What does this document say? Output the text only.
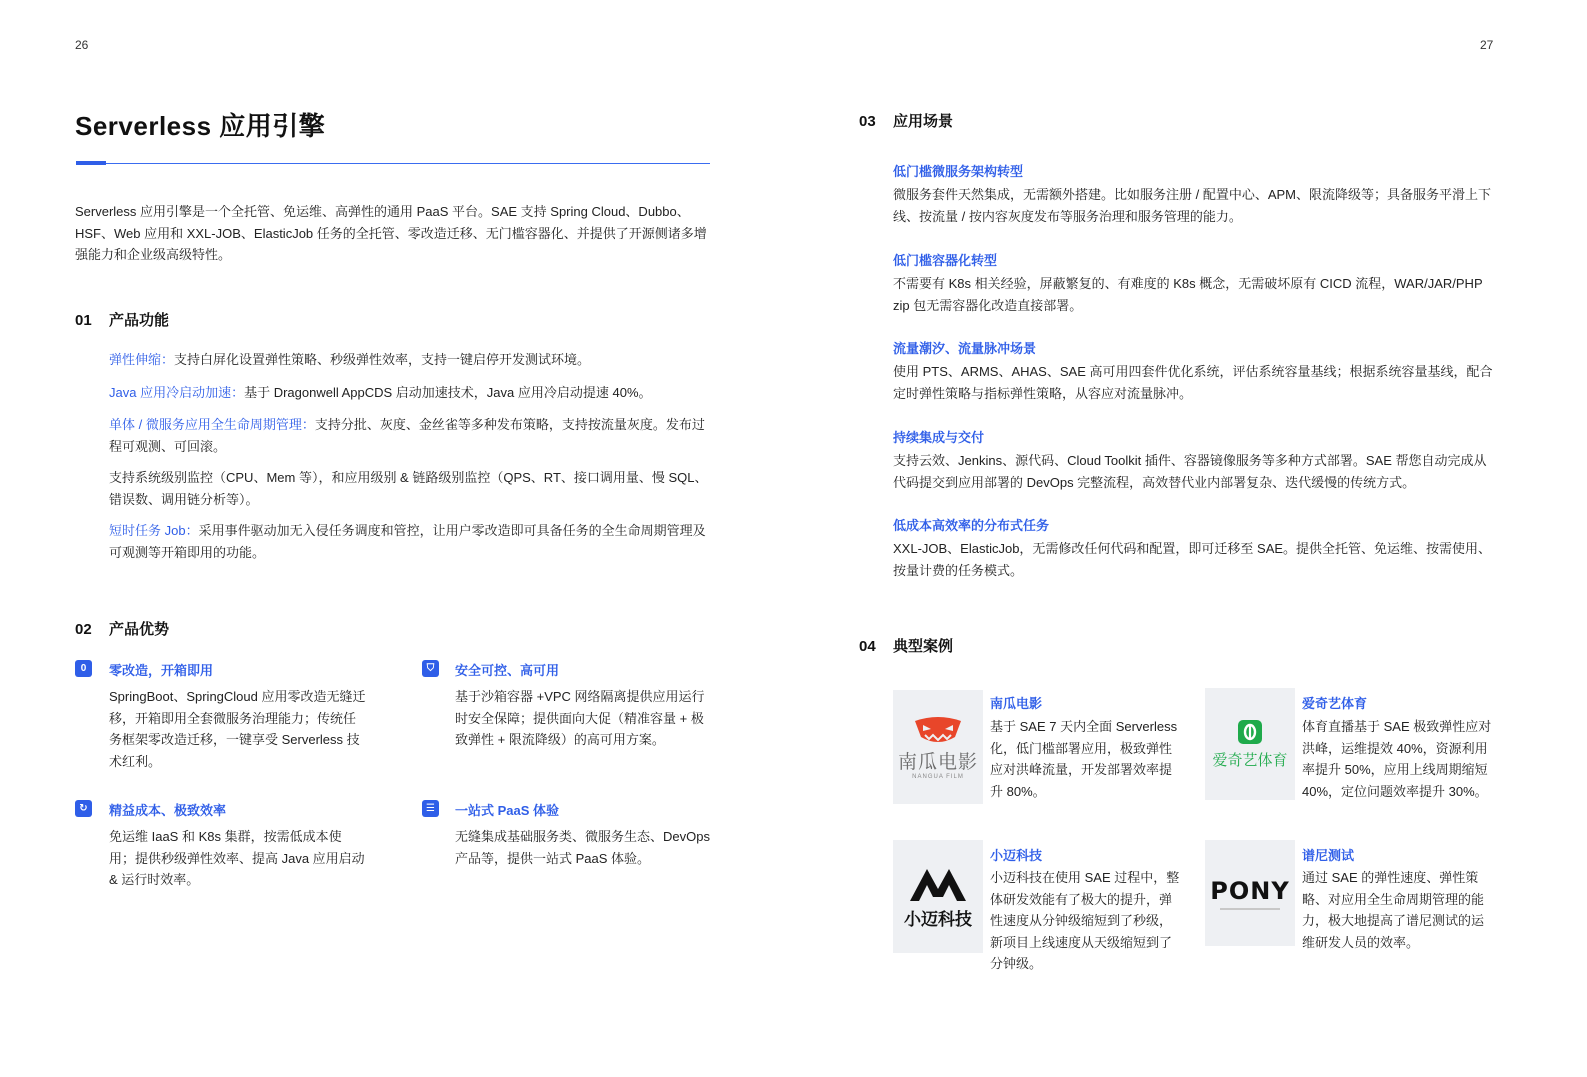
26	27
Serverless 应用引擎
Serverless 应用引擎是一个全托管、免运维、高弹性的通用 PaaS 平台。SAE 支持 Spring Cloud、Dubbo、HSF、Web 应用和 XXL-JOB、ElasticJob 任务的全托管、零改造迁移、无门槛容器化、并提供了开源侧诸多增强能力和企业级高级特性。
01 产品功能
弹性伸缩：支持白屏化设置弹性策略、秒级弹性效率，支持一键启停开发测试环境。
Java 应用冷启动加速：基于 Dragonwell AppCDS 启动加速技术，Java 应用冷启动提速 40%。
单体 / 微服务应用全生命周期管理：支持分批、灰度、金丝雀等多种发布策略，支持按流量灰度。发布过程可观测、可回滚。
支持系统级别监控（CPU、Mem 等），和应用级别 & 链路级别监控（QPS、RT、接口调用量、慢 SQL、错误数、调用链分析等）。
短时任务 Job：采用事件驱动加无入侵任务调度和管控，让用户零改造即可具备任务的全生命周期管理及可观测等开箱即用的功能。
02 产品优势
0	零改造，开箱即用
SpringBoot、SpringCloud 应用零改造无缝迁移，开箱即用全套微服务治理能力；传统任务框架零改造迁移，一键享受 Serverless 技术红利。
⛉	安全可控、高可用
基于沙箱容器 +VPC 网络隔离提供应用运行时安全保障；提供面向大促（精准容量 + 极致弹性 + 限流降级）的高可用方案。
↻	精益成本、极致效率
免运维 IaaS 和 K8s 集群，按需低成本使用；提供秒级弹性效率、提高 Java 应用启动 & 运行时效率。
☰	一站式 PaaS 体验
无缝集成基础服务类、微服务生态、DevOps 产品等，提供一站式 PaaS 体验。
03 应用场景
低门槛微服务架构转型
微服务套件天然集成，无需额外搭建。比如服务注册 / 配置中心、APM、限流降级等；具备服务平滑上下线、按流量 / 按内容灰度发布等服务治理和服务管理的能力。
低门槛容器化转型
不需要有 K8s 相关经验，屏蔽繁复的、有难度的 K8s 概念，无需破坏原有 CICD 流程，WAR/JAR/PHP zip 包无需容器化改造直接部署。
流量潮汐、流量脉冲场景
使用 PTS、ARMS、AHAS、SAE 高可用四套件优化系统，评估系统容量基线；根据系统容量基线，配合定时弹性策略与指标弹性策略，从容应对流量脉冲。
持续集成与交付
支持云效、Jenkins、源代码、Cloud Toolkit 插件、容器镜像服务等多种方式部署。SAE 帮您自动完成从代码提交到应用部署的 DevOps 完整流程，高效替代业内部署复杂、迭代缓慢的传统方式。
低成本高效率的分布式任务
XXL-JOB、ElasticJob，无需修改任何代码和配置，即可迁移至 SAE。提供全托管、免运维、按需使用、按量计费的任务模式。
04 典型案例
南瓜电影
NANGUA FILM
南瓜电影
基于 SAE 7 天内全面 Serverless 化，低门槛部署应用，极致弹性应对洪峰流量，开发部署效率提升 80%。
爱奇艺体育
爱奇艺体育
体育直播基于 SAE 极致弹性应对洪峰，运维提效 40%，资源利用率提升 50%，应用上线周期缩短 40%，定位问题效率提升 30%。
小迈科技
小迈科技
小迈科技在使用 SAE 过程中，整体研发效能有了极大的提升，弹性速度从分钟级缩短到了秒级，新项目上线速度从天级缩短到了分钟级。
PONY
谱尼测试
通过 SAE 的弹性速度、弹性策略、对应用全生命周期管理的能力，极大地提高了谱尼测试的运维研发人员的效率。
